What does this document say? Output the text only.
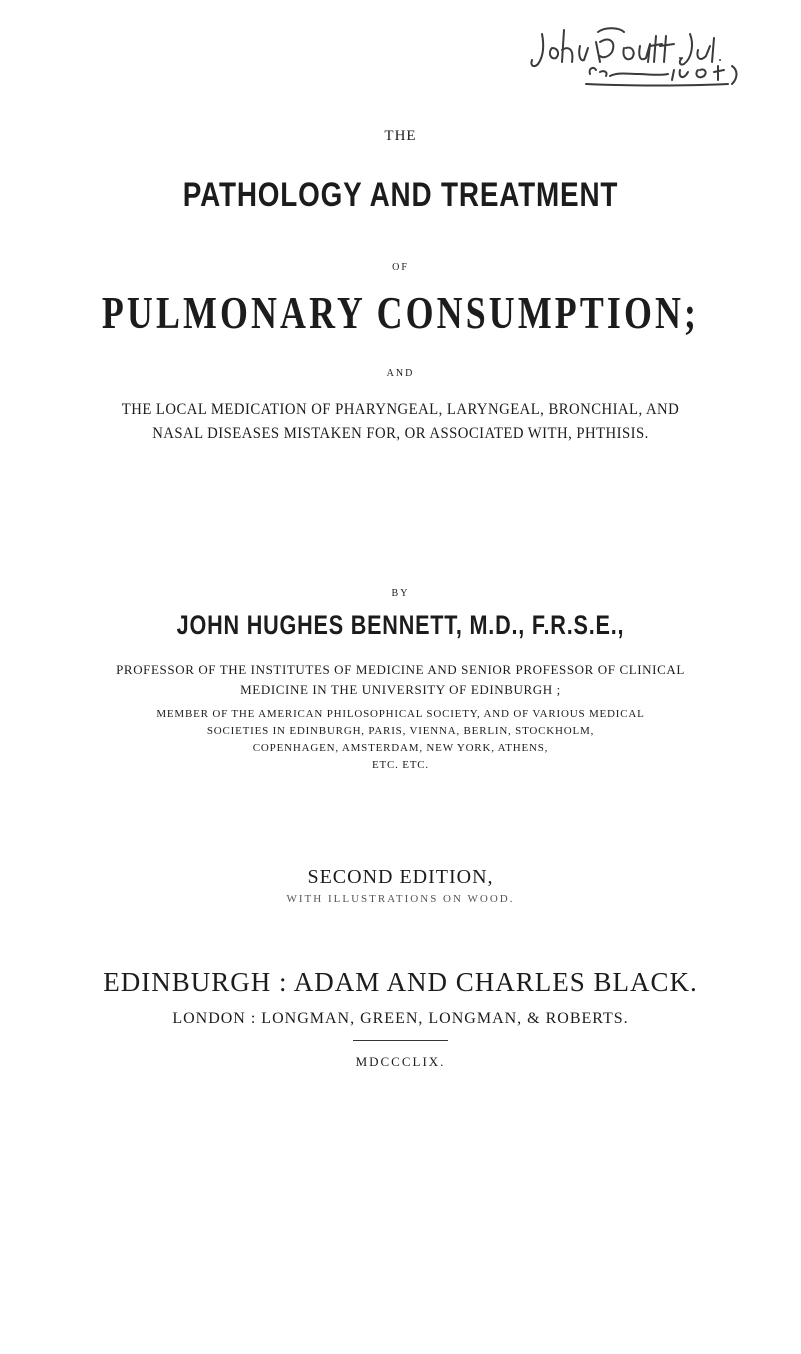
THE
PATHOLOGY AND TREATMENT
OF
PULMONARY CONSUMPTION;
AND
THE LOCAL MEDICATION OF PHARYNGEAL, LARYNGEAL, BRONCHIAL, AND
NASAL DISEASES MISTAKEN FOR, OR ASSOCIATED WITH, PHTHISIS.
BY
JOHN HUGHES BENNETT, M.D., F.R.S.E.,
PROFESSOR OF THE INSTITUTES OF MEDICINE AND SENIOR PROFESSOR OF CLINICAL
MEDICINE IN THE UNIVERSITY OF EDINBURGH ;
MEMBER OF THE AMERICAN PHILOSOPHICAL SOCIETY, AND OF VARIOUS MEDICAL
SOCIETIES IN EDINBURGH, PARIS, VIENNA, BERLIN, STOCKHOLM,
COPENHAGEN, AMSTERDAM, NEW YORK, ATHENS,
ETC. ETC.
SECOND EDITION,
WITH ILLUSTRATIONS ON WOOD.
EDINBURGH : ADAM AND CHARLES BLACK.
LONDON : LONGMAN, GREEN, LONGMAN, & ROBERTS.
MDCCCLIX.
